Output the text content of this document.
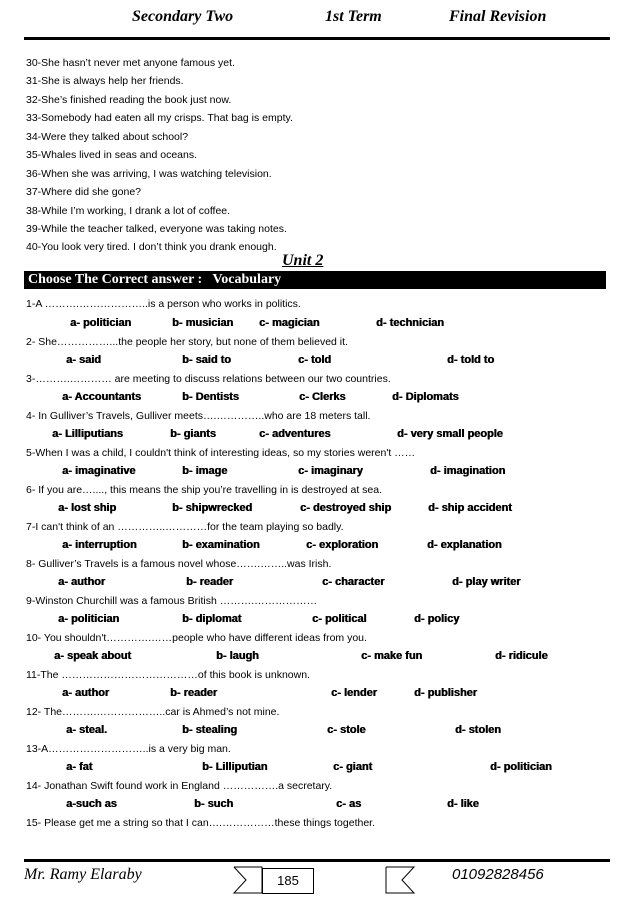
Secondary Two	1st Term	Final Revision
30-She hasn’t never met anyone famous yet.
31-She is always help her friends.
32-She’s finished reading the book just now.
33-Somebody had eaten all my crisps. That bag is empty.
34-Were they talked about school?
35-Whales lived in seas and oceans.
36-When she was arriving, I was watching television.
37-Where did she gone?
38-While I’m working, I drank a lot of coffee.
39-While the teacher talked, everyone was taking notes.
40-You look very tired. I don’t think you drank enough.
Unit 2
Choose The Correct answer :   Vocabulary
1-A ……….………………..is a person who works in politics.
a- politician	b- musician c- magician	d- technician
2- She……………...the people her story, but none of them believed it.
a- said	b- said to	c- told	d- told to
3-……….………… are meeting to discuss relations between our two countries.
a- Accountants	b- Dentists	c- Clerks	d- Diplomats
4- In Gulliver’s Travels, Gulliver meets….…………..who are 18 meters tall.
a- Lilliputians	b- giants	c- adventures	d- very small people
5-When I was a child, I couldn't think of interesting ideas, so my stories weren't ……
a- imaginative	b- image	c- imaginary	d- imagination
6- If you are…...., this means the ship you’re travelling in is destroyed at sea.
a- lost ship	b- shipwrecked	c- destroyed ship	d- ship accident
7-I can't think of an …………..…………for the team playing so badly.
a- interruption	b- examination	c- exploration	d- explanation
8- Gulliver’s Travels is a famous novel whose…….……..was Irish.
a- author	b- reader	c- character	d- play writer
9-Winston Churchill was a famous British ……….………………
a- politician	b- diplomat	c- political	d- policy
10- You shouldn't………….……people who have different ideas from you.
a- speak about	b- laugh	c- make fun	d- ridicule
11-The …………………………………of this book is unknown.
a- author	b- reader	c- lender	d- publisher
12- The……….………………..car is Ahmed’s not mine.
a- steal.	b- stealing	c- stole	d- stolen
13-A………………………..is a very big man.
a- fat	b- Lilliputian	c- giant	d- politician
14- Jonathan Swift found work in England …………….a secretary.
a-such as	b- such	c- as	d- like
15- Please get me a string so that I can….……………these things together.
Mr. Ramy Elaraby	185	01092828456
